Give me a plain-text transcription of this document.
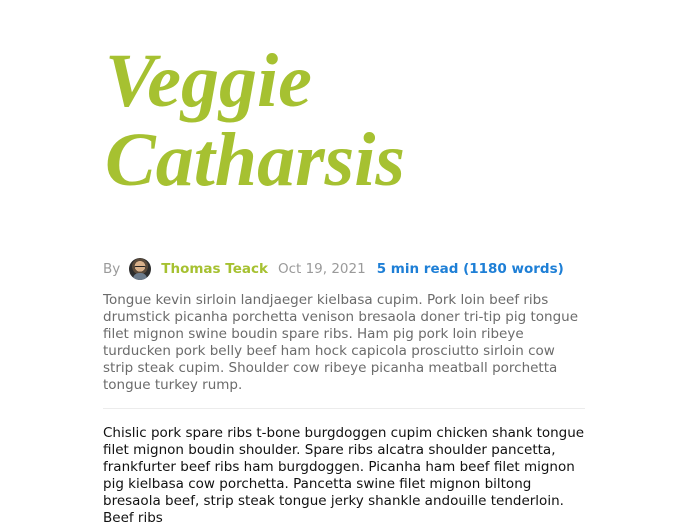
Veggie Catharsis
By	Thomas Teack Oct 19, 2021 5 min read (1180 words)

Tongue kevin sirloin landjaeger kielbasa cupim. Pork loin beef ribs drumstick picanha porchetta venison bresaola doner tri-tip pig tongue filet mignon swine boudin spare ribs. Ham pig pork loin ribeye turducken pork belly beef ham hock capicola prosciutto sirloin cow strip steak cupim. Shoulder cow ribeye picanha meatball porchetta tongue turkey rump.

Chislic pork spare ribs t-bone burgdoggen cupim chicken shank tongue filet mignon boudin shoulder. Spare ribs alcatra shoulder pancetta, frankfurter beef ribs ham burgdoggen. Picanha ham beef filet mignon pig kielbasa cow porchetta. Pancetta swine filet mignon biltong bresaola beef, strip steak tongue jerky shankle andouille tenderloin. Beef ribs
